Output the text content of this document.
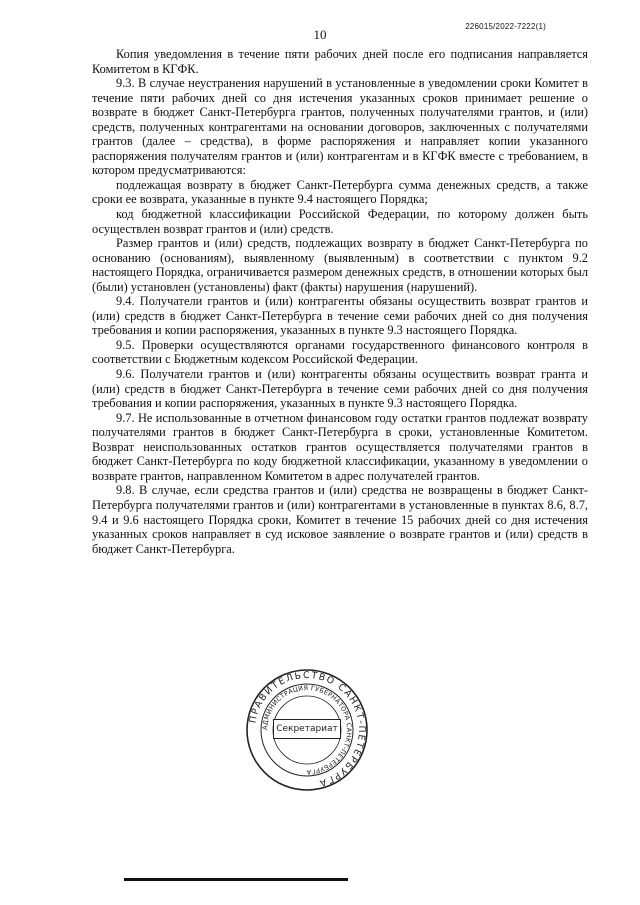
10
226015/2022-7222(1)

Копия уведомления в течение пяти рабочих дней после его подписания направляется Комитетом в КГФК.

9.3. В случае неустранения нарушений в установленные в уведомлении сроки Комитет в течение пяти рабочих дней со дня истечения указанных сроков принимает решение о возврате в бюджет Санкт-Петербурга грантов, полученных получателями грантов, и (или) средств, полученных контрагентами на основании договоров, заключенных с получателями грантов (далее – средства), в форме распоряжения и направляет копии указанного распоряжения получателям грантов и (или) контрагентам и в КГФК вместе с требованием, в котором предусматриваются:

подлежащая возврату в бюджет Санкт-Петербурга сумма денежных средств, а также сроки ее возврата, указанные в пункте 9.4 настоящего Порядка;

код бюджетной классификации Российской Федерации, по которому должен быть осуществлен возврат грантов и (или) средств.

Размер грантов и (или) средств, подлежащих возврату в бюджет Санкт-Петербурга по основанию (основаниям), выявленному (выявленным) в соответствии с пунктом 9.2 настоящего Порядка, ограничивается размером денежных средств, в отношении которых был (были) установлен (установлены) факт (факты) нарушения (нарушений).

9.4. Получатели грантов и (или) контрагенты обязаны осуществить возврат грантов и (или) средств в бюджет Санкт-Петербурга в течение семи рабочих дней со дня получения требования и копии распоряжения, указанных в пункте 9.3 настоящего Порядка.

9.5. Проверки осуществляются органами государственного финансового контроля в соответствии с Бюджетным кодексом Российской Федерации.

9.6. Получатели грантов и (или) контрагенты обязаны осуществить возврат гранта и (или) средств в бюджет Санкт-Петербурга в течение семи рабочих дней со дня получения требования и копии распоряжения, указанных в пункте 9.3 настоящего Порядка.

9.7. Не использованные в отчетном финансовом году остатки грантов подлежат возврату получателями грантов в бюджет Санкт-Петербурга в сроки, установленные Комитетом. Возврат неиспользованных остатков грантов осуществляется получателями грантов в бюджет Санкт-Петербурга по коду бюджетной классификации, указанному в уведомлении о возврате грантов, направленном Комитетом в адрес получателей грантов.

9.8. В случае, если средства грантов и (или) средства не возвращены в бюджет Санкт-Петербурга получателями грантов и (или) контрагентами в установленные в пунктах 8.6, 8.7, 9.4 и 9.6 настоящего Порядка сроки, Комитет в течение 15 рабочих дней со дня истечения указанных сроков направляет в суд исковое заявление о возврате грантов и (или) средств в бюджет Санкт-Петербурга.

ПРАВИТЕЛЬСТВО САНКТ-ПЕТЕРБУРГА
АДМИНИСТРАЦИЯ ГУБЕРНАТОРА САНКТ-ПЕТЕРБУРГА
Секретариат
